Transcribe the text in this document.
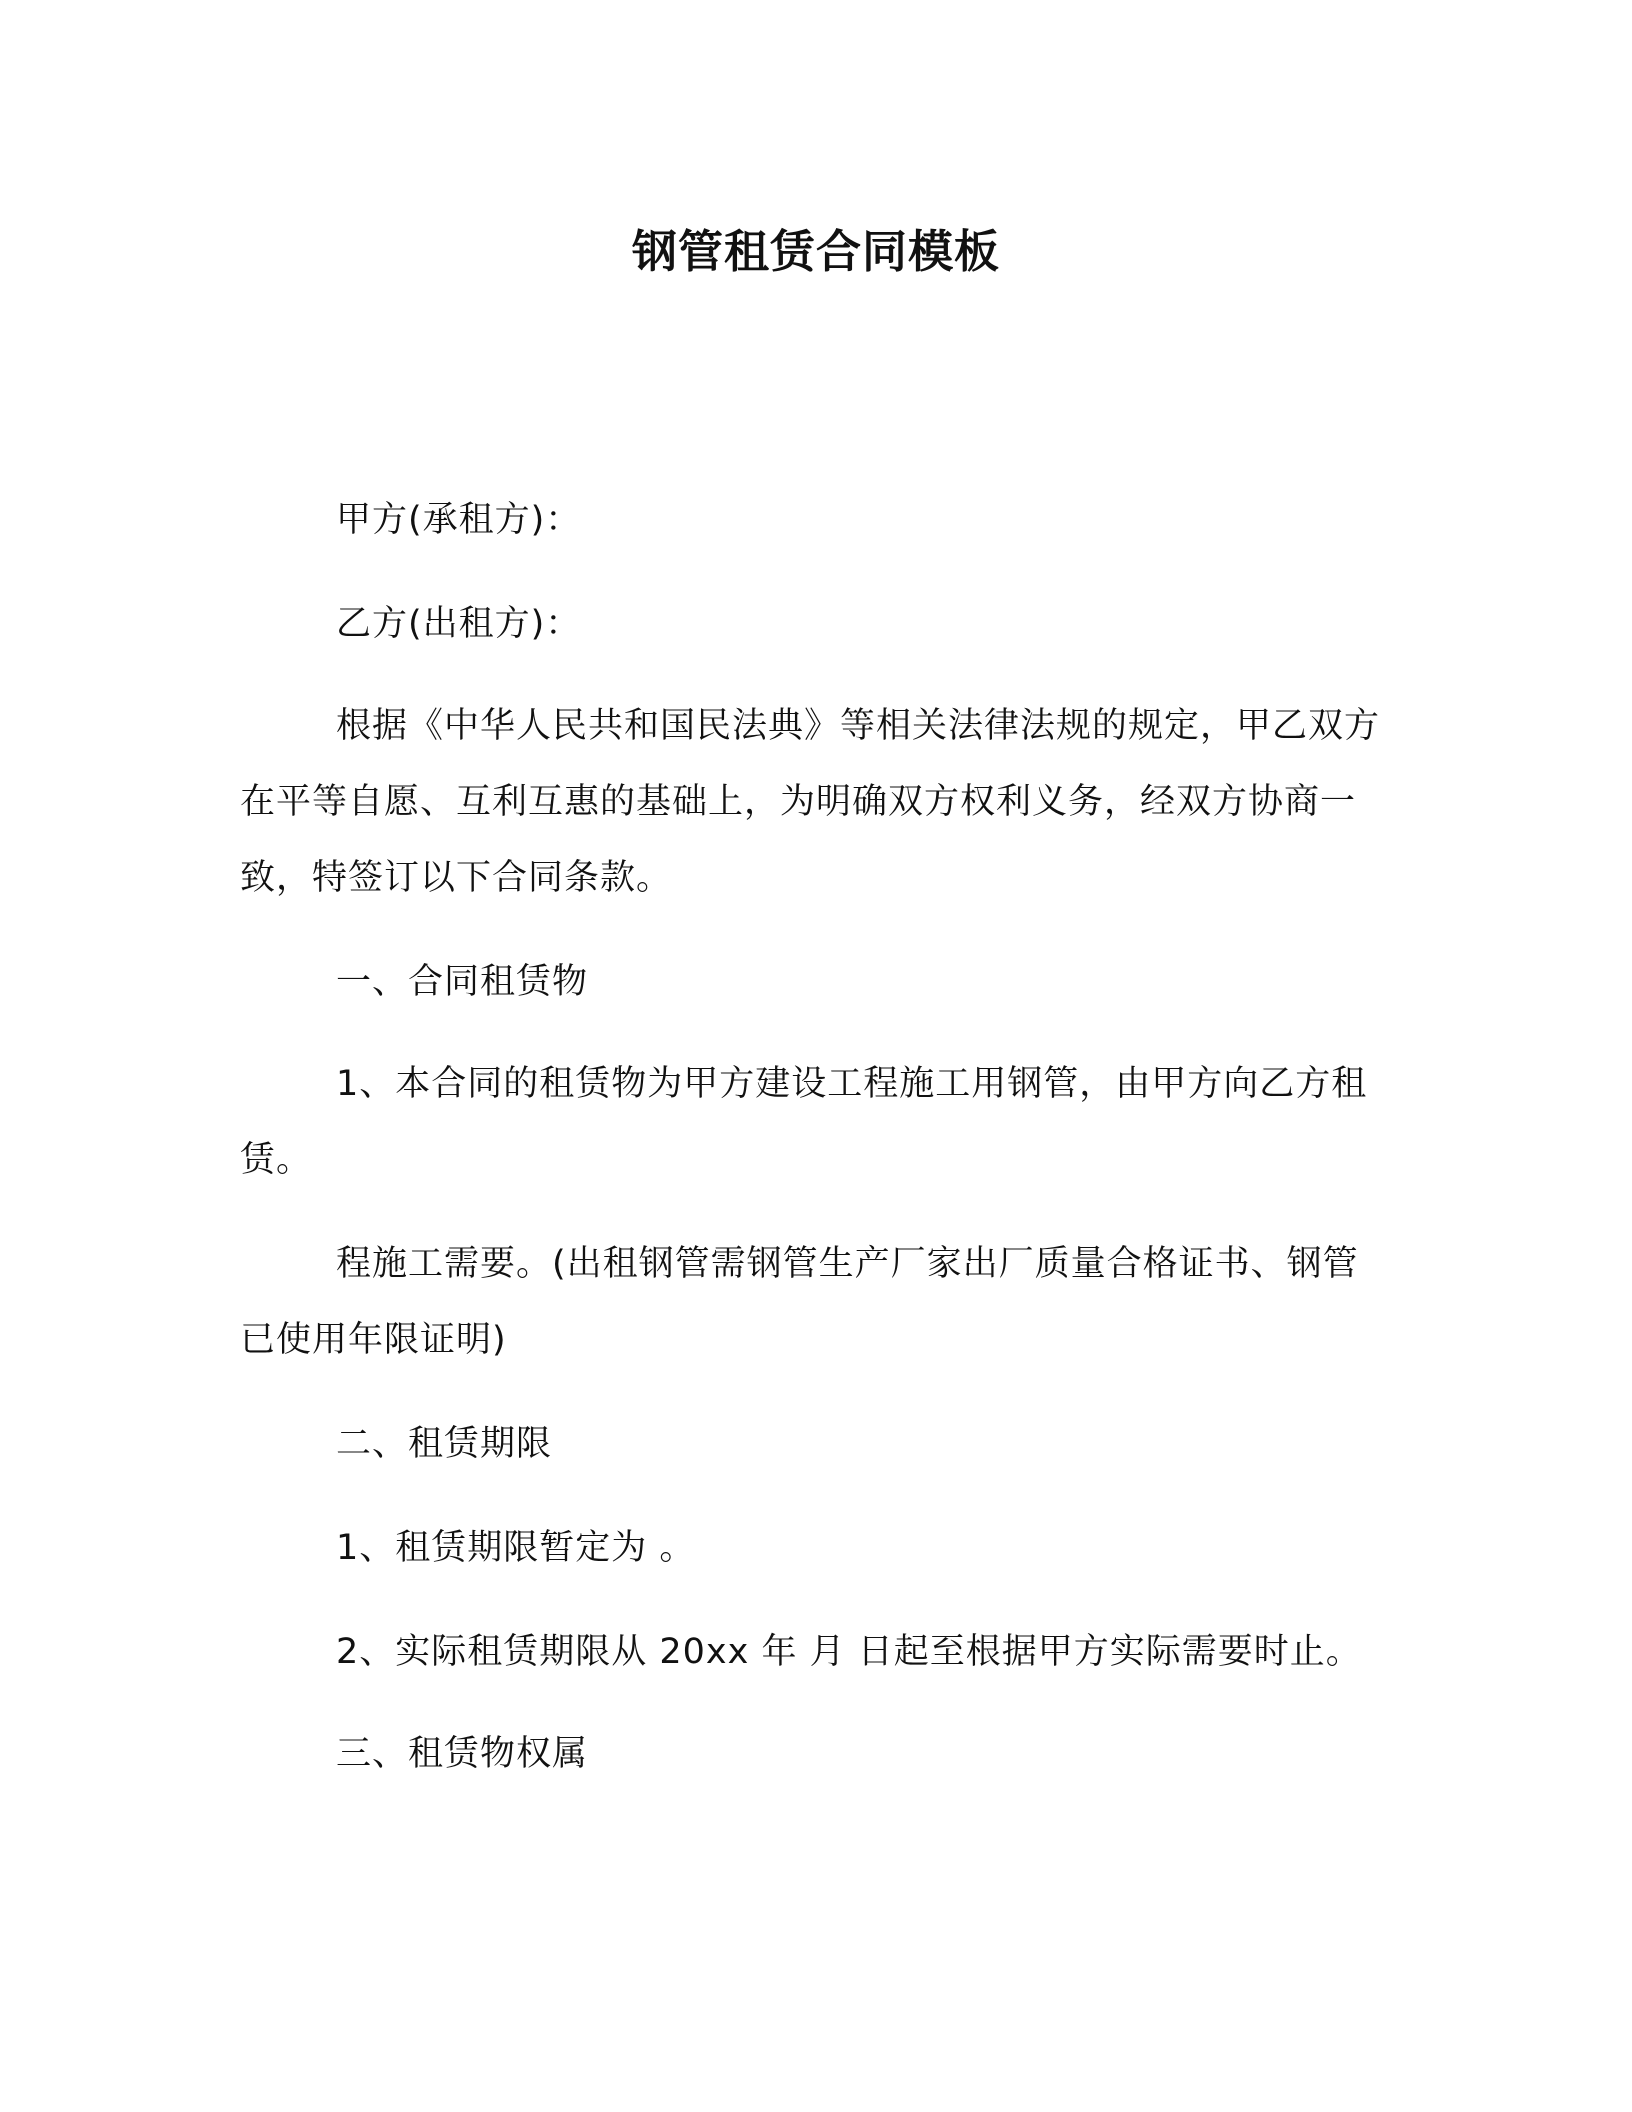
钢管租赁合同模板

甲方(承租方)：

乙方(出租方)：

根据《中华人民共和国民法典》等相关法律法规的规定，甲乙双方在平等自愿、互利互惠的基础上，为明确双方权利义务，经双方协商一致，特签订以下合同条款。

一、合同租赁物

1、本合同的租赁物为甲方建设工程施工用钢管，由甲方向乙方租赁。

程施工需要。(出租钢管需钢管生产厂家出厂质量合格证书、钢管已使用年限证明)

二、租赁期限

1、租赁期限暂定为 。

2、实际租赁期限从 20xx 年 月 日起至根据甲方实际需要时止。

三、租赁物权属
